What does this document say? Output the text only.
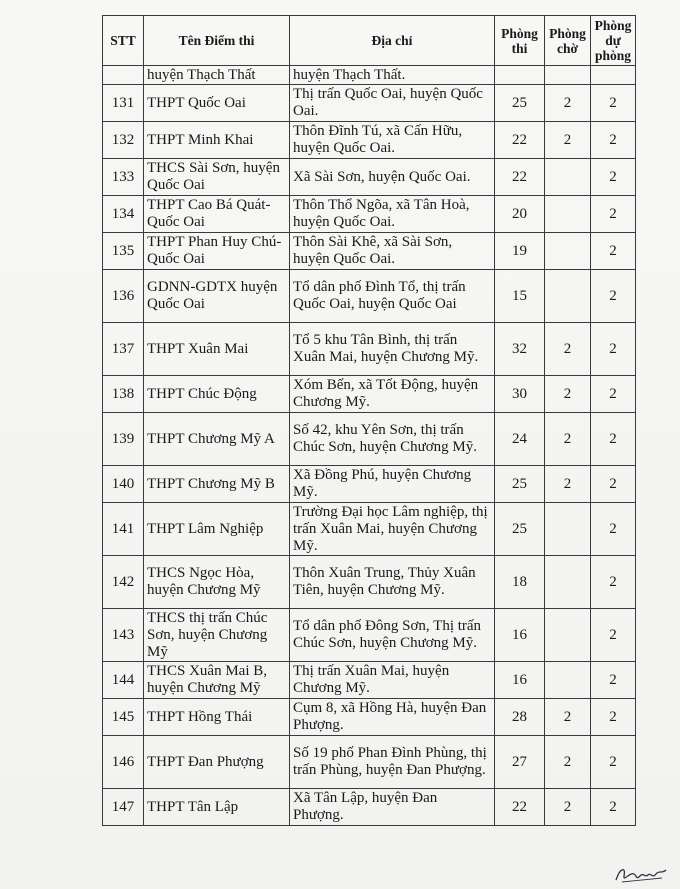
STT	Tên Điểm thi	Địa chỉ	Phòng thi	Phòng chờ	Phòng dự phòng
	huyện Thạch Thất	huyện Thạch Thất.			
131	THPT Quốc Oai	Thị trấn Quốc Oai, huyện Quốc Oai.	25	2	2
132	THPT Minh Khai	Thôn Đĩnh Tú, xã Cấn Hữu, huyện Quốc Oai.	22	2	2
133	THCS Sài Sơn, huyện Quốc Oai	Xã Sài Sơn, huyện Quốc Oai.	22		2
134	THPT Cao Bá Quát-Quốc Oai	Thôn Thổ Ngõa, xã Tân Hoà, huyện Quốc Oai.	20		2
135	THPT Phan Huy Chú-Quốc Oai	Thôn Sài Khê, xã Sài Sơn, huyện Quốc Oai.	19		2
136	GDNN-GDTX huyện Quốc Oai	Tổ dân phố Đình Tổ, thị trấn Quốc Oai, huyện Quốc Oai	15		2
137	THPT Xuân Mai	Tổ 5 khu Tân Bình, thị trấn Xuân Mai, huyện Chương Mỹ.	32	2	2
138	THPT Chúc Động	Xóm Bến, xã Tốt Động, huyện Chương Mỹ.	30	2	2
139	THPT Chương Mỹ A	Số 42, khu Yên Sơn, thị trấn Chúc Sơn, huyện Chương Mỹ.	24	2	2
140	THPT Chương Mỹ B	Xã Đồng Phú, huyện Chương Mỹ.	25	2	2
141	THPT Lâm Nghiệp	Trường Đại học Lâm nghiệp, thị trấn Xuân Mai, huyện Chương Mỹ.	25		2
142	THCS Ngọc Hòa, huyện Chương Mỹ	Thôn Xuân Trung, Thủy Xuân Tiên, huyện Chương Mỹ.	18		2
143	THCS thị trấn Chúc Sơn, huyện Chương Mỹ	Tổ dân phố Đông Sơn, Thị trấn Chúc Sơn, huyện Chương Mỹ.	16		2
144	THCS Xuân Mai B, huyện Chương Mỹ	Thị trấn Xuân Mai, huyện Chương Mỹ.	16		2
145	THPT Hồng Thái	Cụm 8, xã Hồng Hà, huyện Đan Phượng.	28	2	2
146	THPT Đan Phượng	Số 19 phố Phan Đình Phùng, thị trấn Phùng, huyện Đan Phượng.	27	2	2
147	THPT Tân Lập	Xã Tân Lập, huyện Đan Phượng.	22	2	2
